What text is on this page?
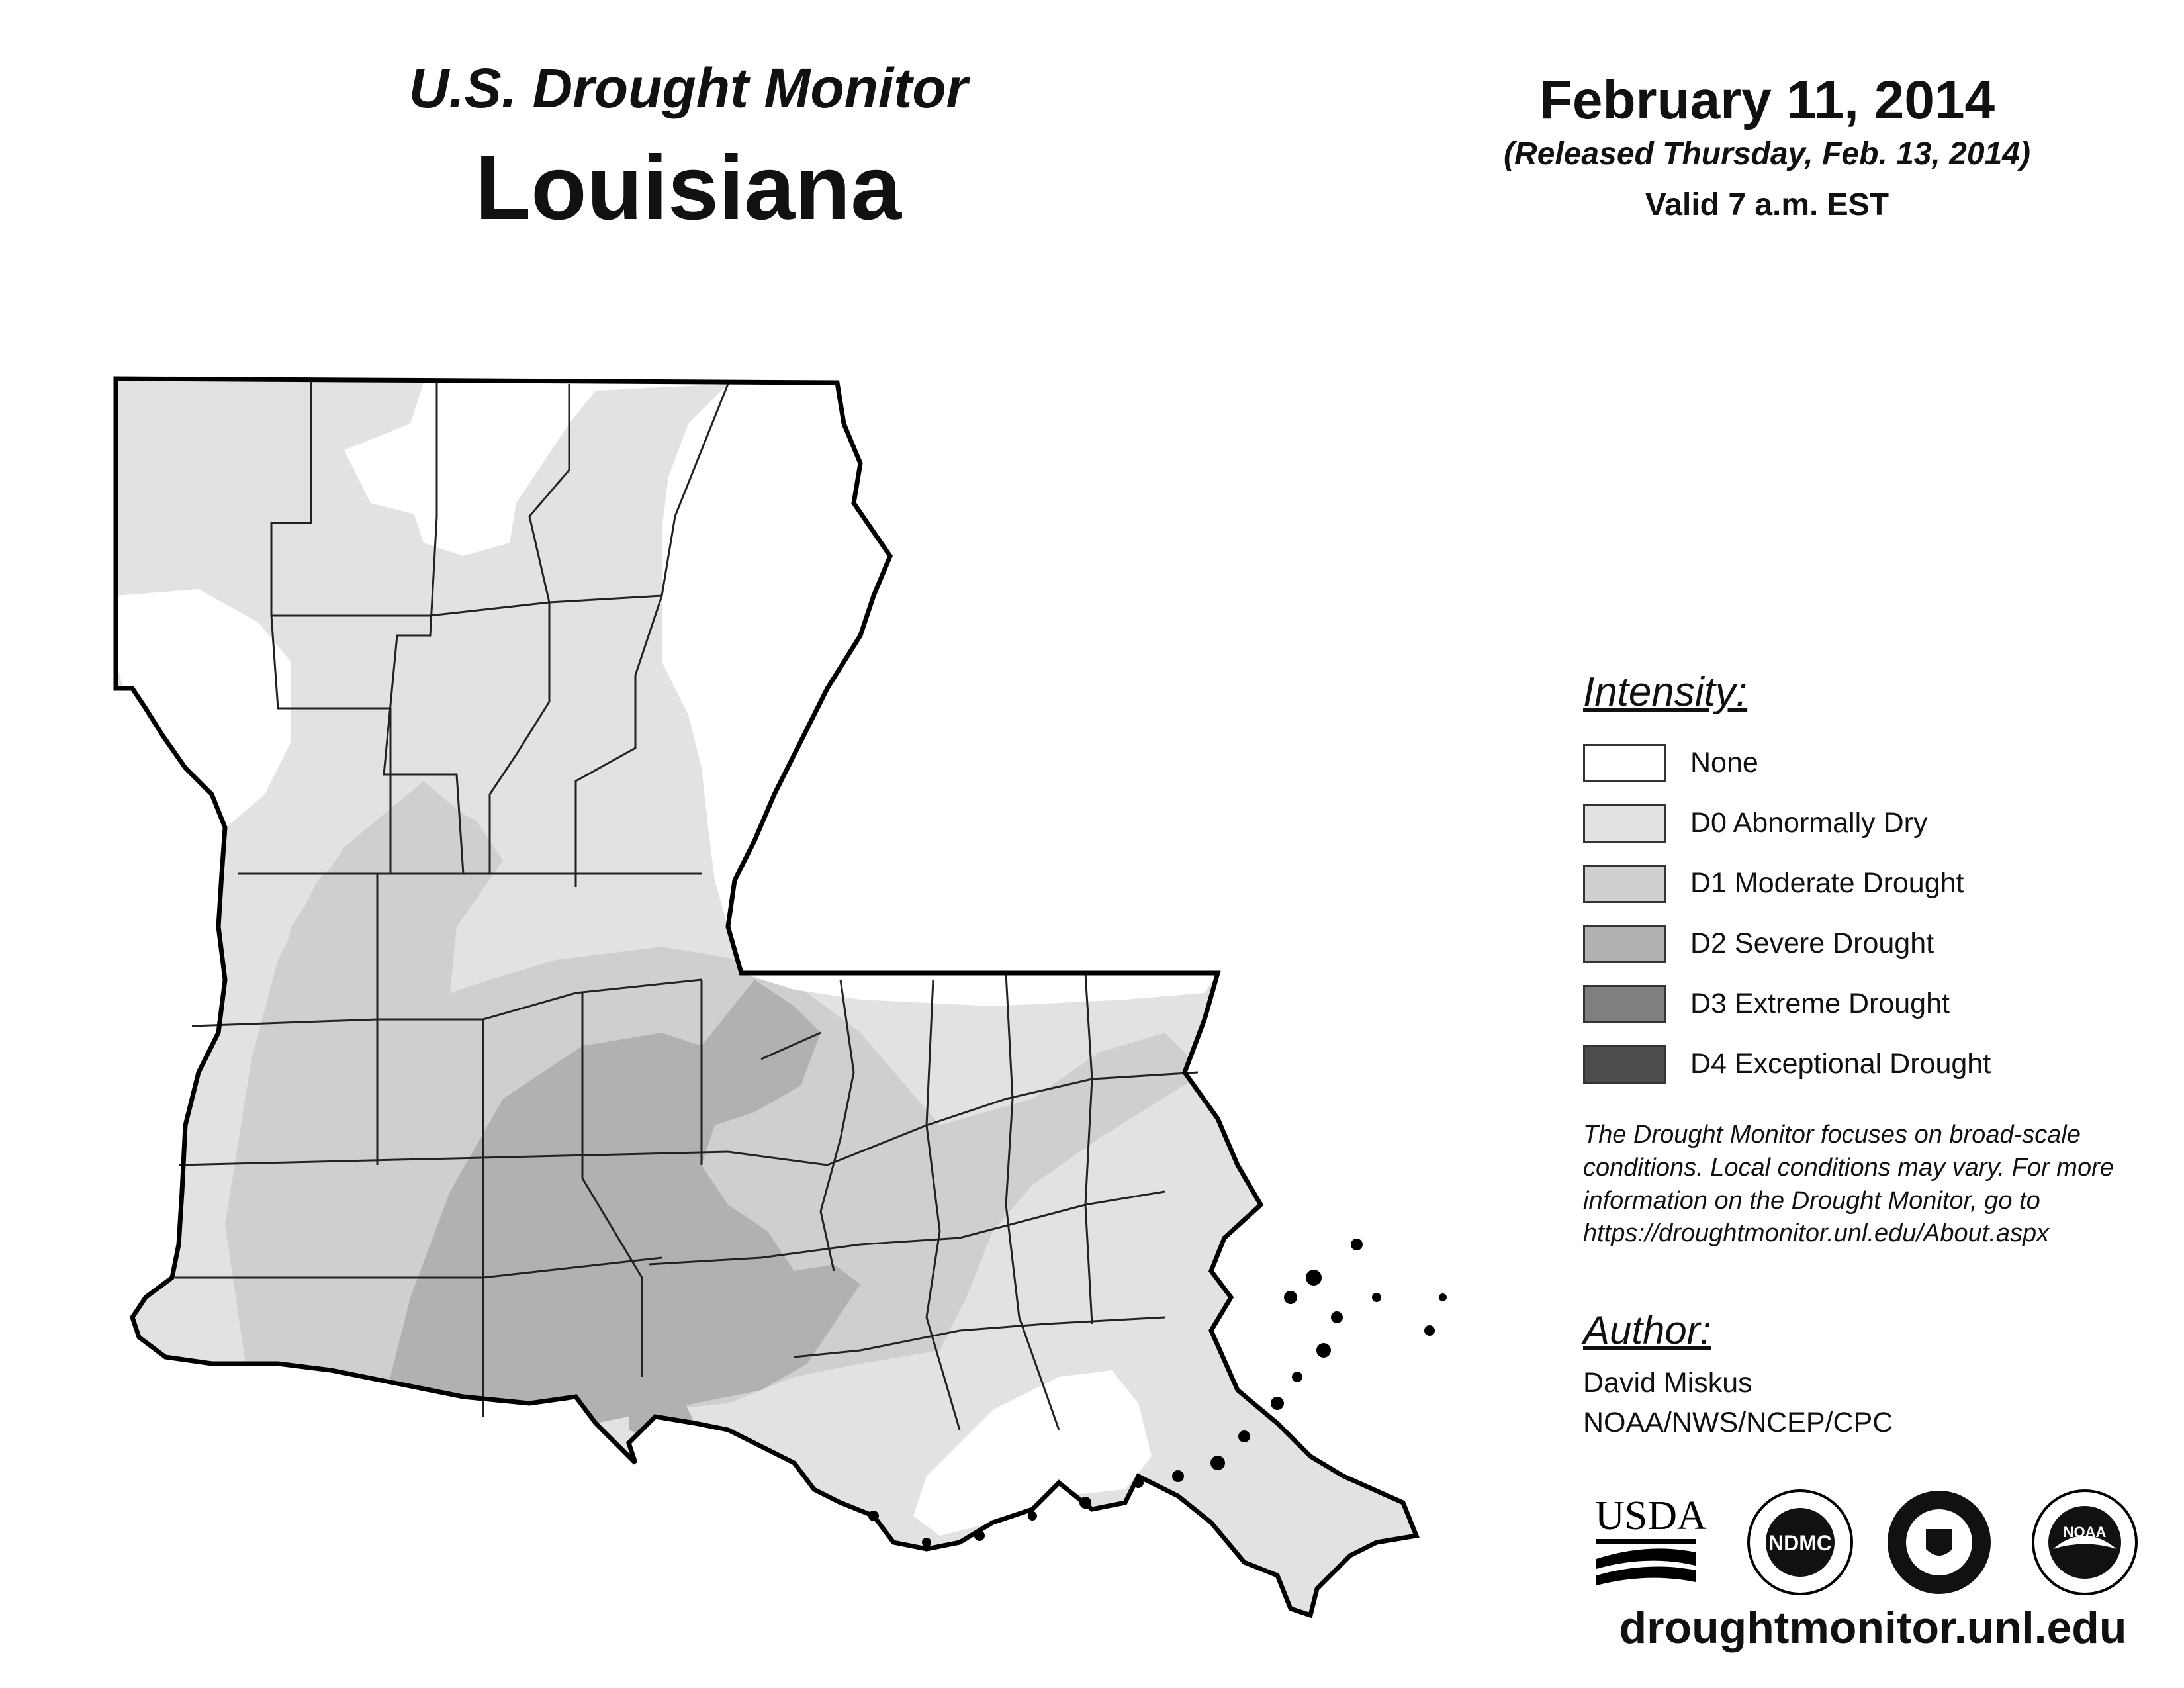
U.S. Drought Monitor
Louisiana
February 11, 2014
(Released Thursday, Feb. 13, 2014)
Valid 7 a.m. EST
Intensity:
None
D0 Abnormally Dry
D1 Moderate Drought
D2 Severe Drought
D3 Extreme Drought
D4 Exceptional Drought
The Drought Monitor focuses on broad-scale conditions. Local conditions may vary. For more information on the Drought Monitor, go to https://droughtmonitor.unl.edu/About.aspx
Author:
David Miskus
NOAA/NWS/NCEP/CPC
USDA
NDMC	NOAA
droughtmonitor.unl.edu
